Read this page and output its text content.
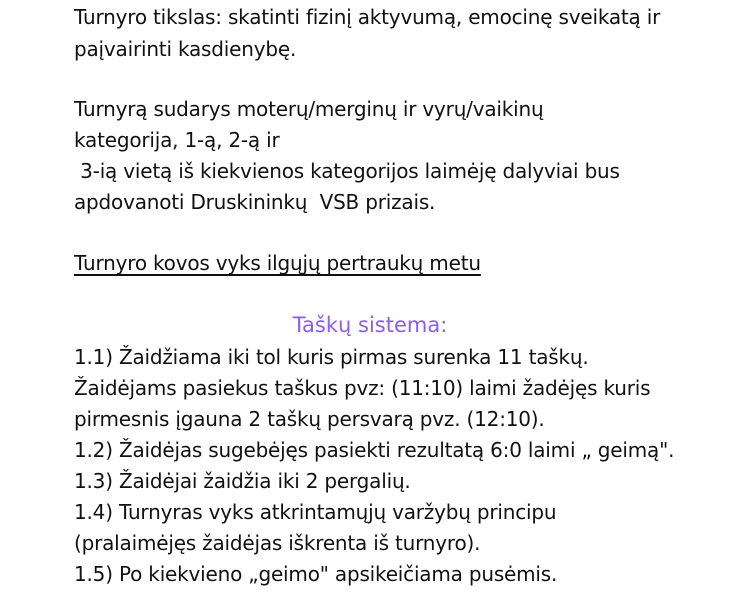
Turnyro tikslas: skatinti fizinį aktyvumą, emocinę sveikatą ir
paįvairinti kasdienybę.
Turnyrą sudarys moterų/merginų ir vyrų/vaikinų
kategorija, 1-ą, 2-ą ir
3-ią vietą iš kiekvienos kategorijos laimėję dalyviai bus
apdovanoti Druskininkų  VSB prizais.
Turnyro kovos vyks ilgųjų pertraukų metu
Taškų sistema:
1.1) Žaidžiama iki tol kuris pirmas surenka 11 taškų.
Žaidėjams pasiekus taškus pvz: (11:10) laimi žadėjęs kuris
pirmesnis įgauna 2 taškų persvarą pvz. (12:10).
1.2) Žaidėjas sugebėjęs pasiekti rezultatą 6:0 laimi „ geimą".
1.3) Žaidėjai žaidžia iki 2 pergalių.
1.4) Turnyras vyks atkrintamųjų varžybų principu
(pralaimėjęs žaidėjas iškrenta iš turnyro).
1.5) Po kiekvieno „geimo" apsikeičiama pusėmis.
